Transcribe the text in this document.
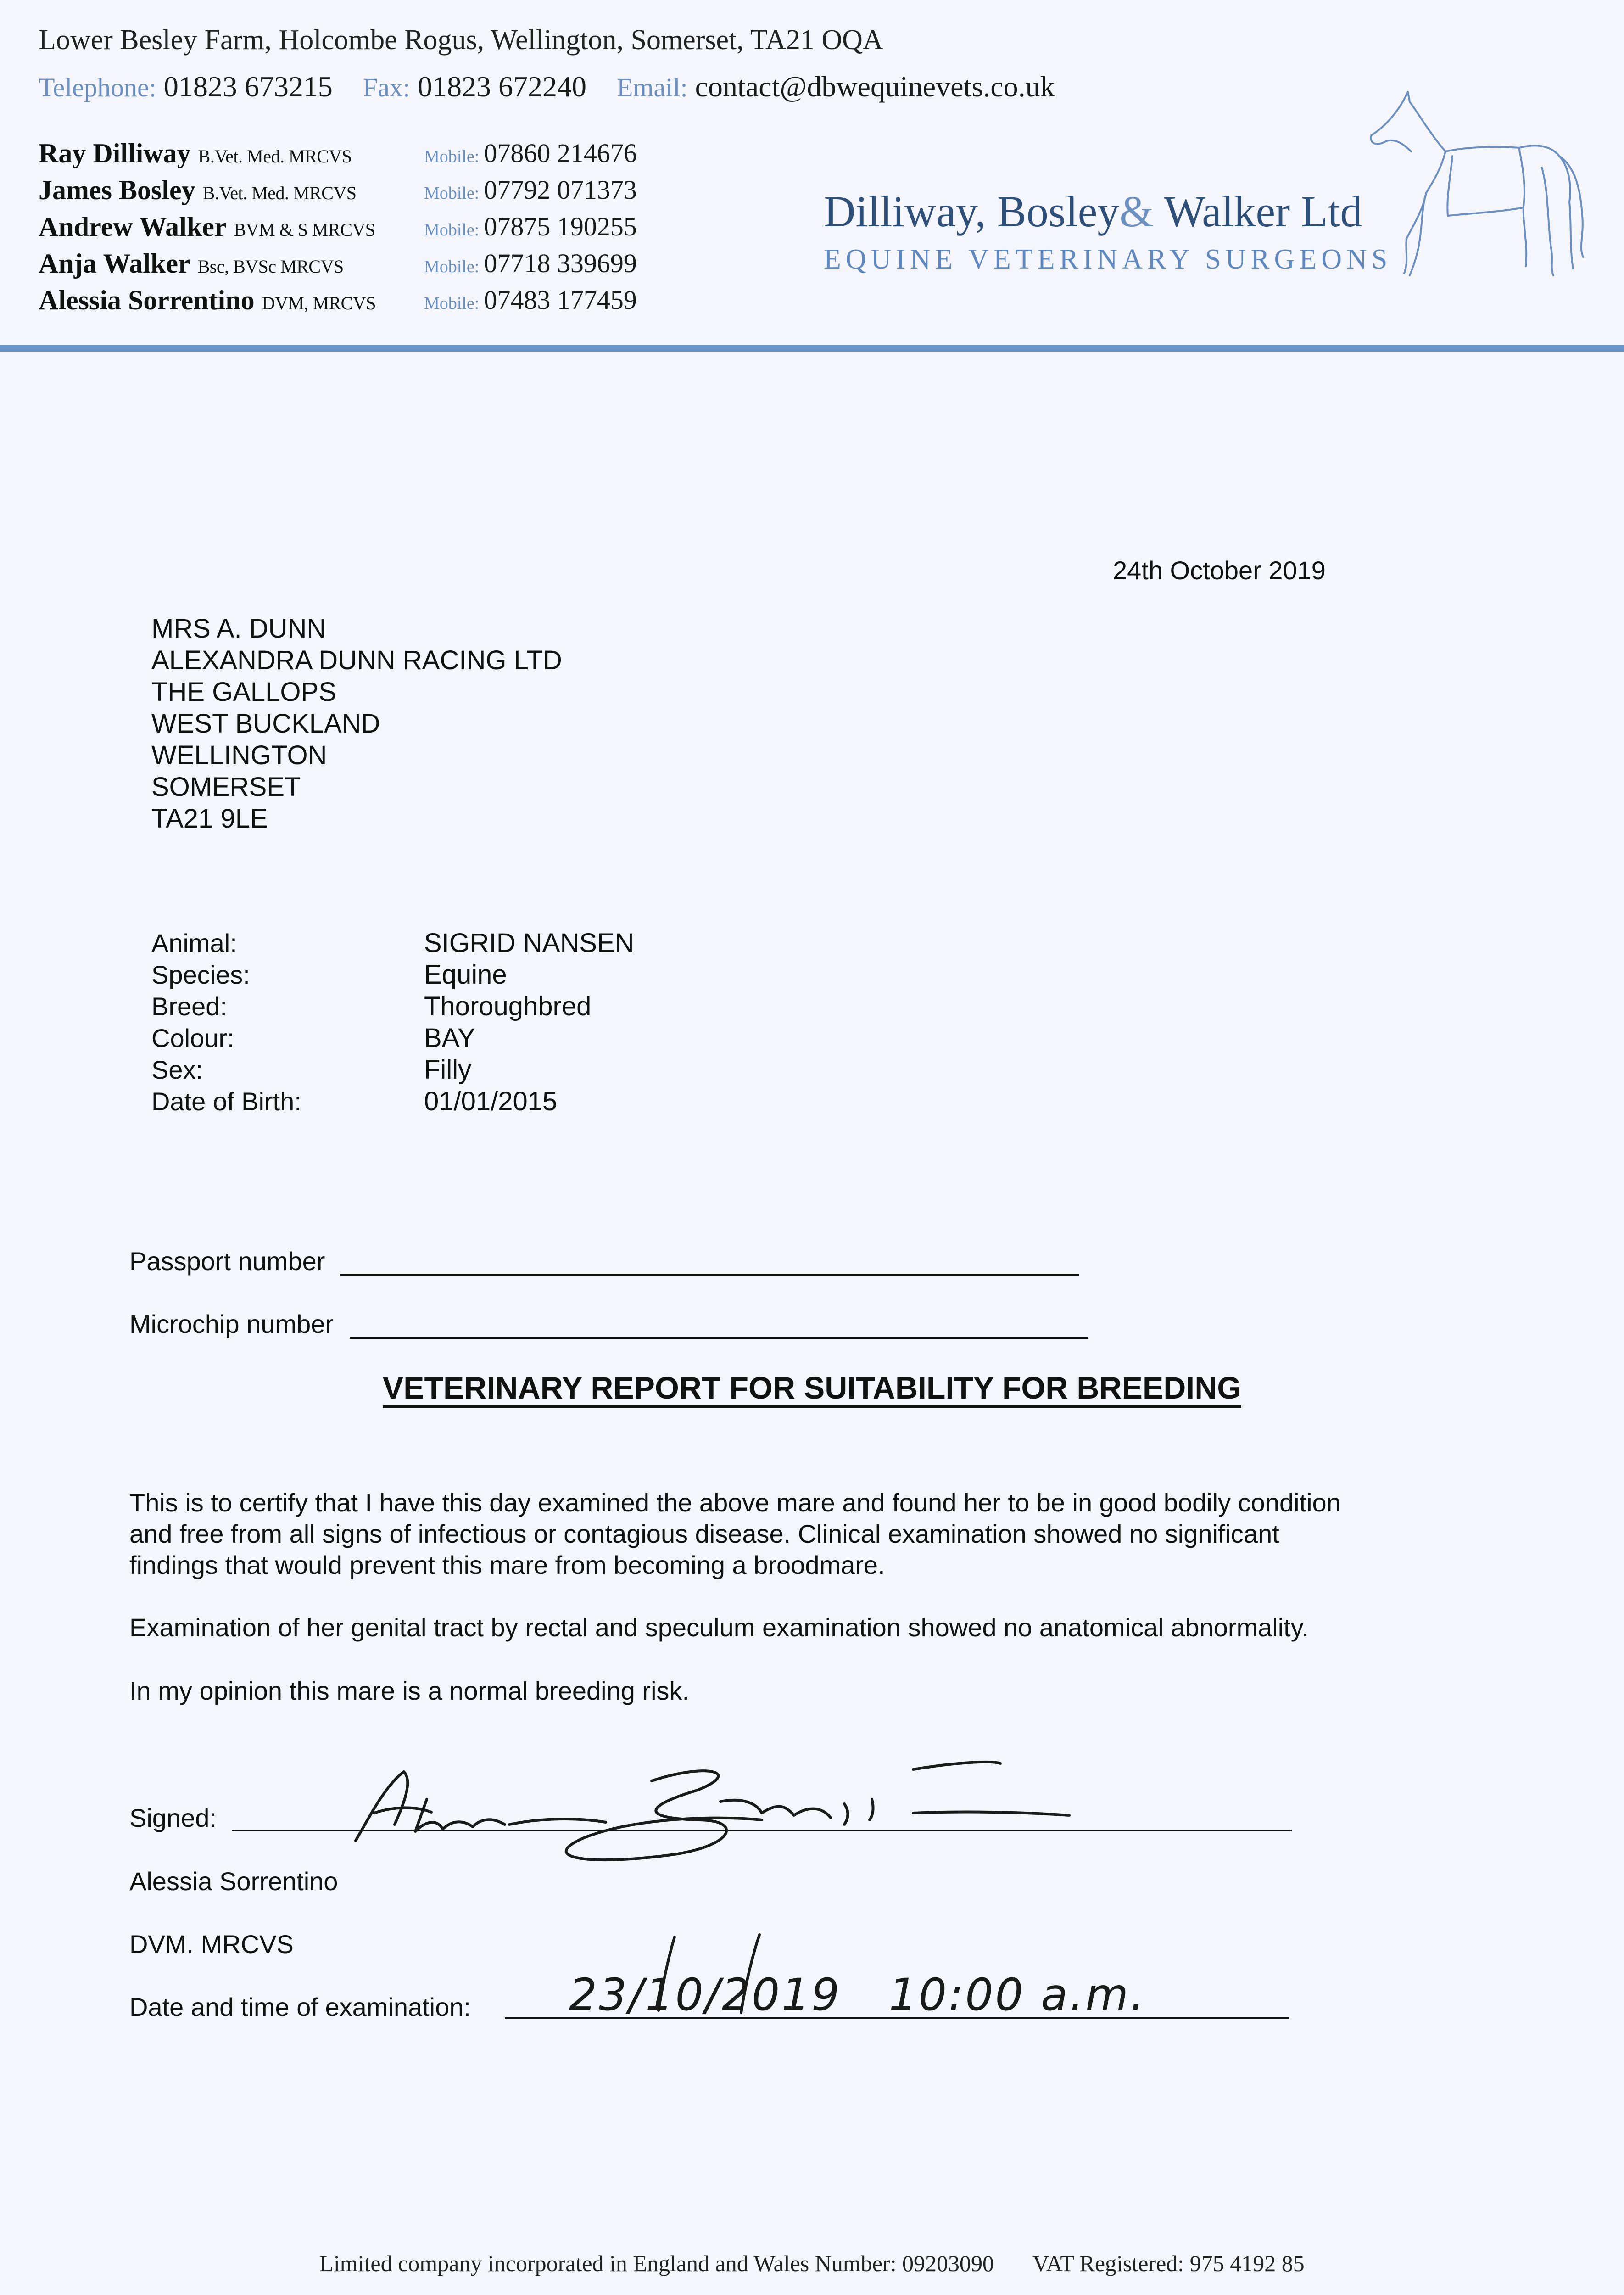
Lower Besley Farm, Holcombe Rogus, Wellington, Somerset, TA21 OQA
Telephone: 01823 673215 Fax: 01823 672240 Email: contact@dbwequinevets.co.uk
Ray Dilliway B.Vet. Med. MRCVS	Mobile: 07860 214676
James Bosley B.Vet. Med. MRCVS	Mobile: 07792 071373
Andrew Walker BVM & S MRCVS	Mobile: 07875 190255
Anja Walker Bsc, BVSc MRCVS	Mobile: 07718 339699
Alessia Sorrentino DVM, MRCVS	Mobile: 07483 177459
Dilliway, Bosley& Walker Ltd
EQUINE VETERINARY SURGEONS
24th October 2019
MRS A. DUNN
ALEXANDRA DUNN RACING LTD
THE GALLOPS
WEST BUCKLAND
WELLINGTON
SOMERSET
TA21 9LE
Animal:	SIGRID NANSEN
Species:	Equine
Breed:	Thoroughbred
Colour:	BAY
Sex:	Filly
Date of Birth:	01/01/2015
Passport number
Microchip number
VETERINARY REPORT FOR SUITABILITY FOR BREEDING
This is to certify that I have this day examined the above mare and found her to be in good bodily condition
and free from all signs of infectious or contagious disease. Clinical examination showed no significant
findings that would prevent this mare from becoming a broodmare.
Examination of her genital tract by rectal and speculum examination showed no anatomical abnormality.
In my opinion this mare is a normal breeding risk.
Signed:
Alessia Sorrentino
DVM. MRCVS
Date and time of examination: 23/10/2019   10:00 a.m.
Limited company incorporated in England and Wales Number: 09203090 VAT Registered: 975 4192 85
